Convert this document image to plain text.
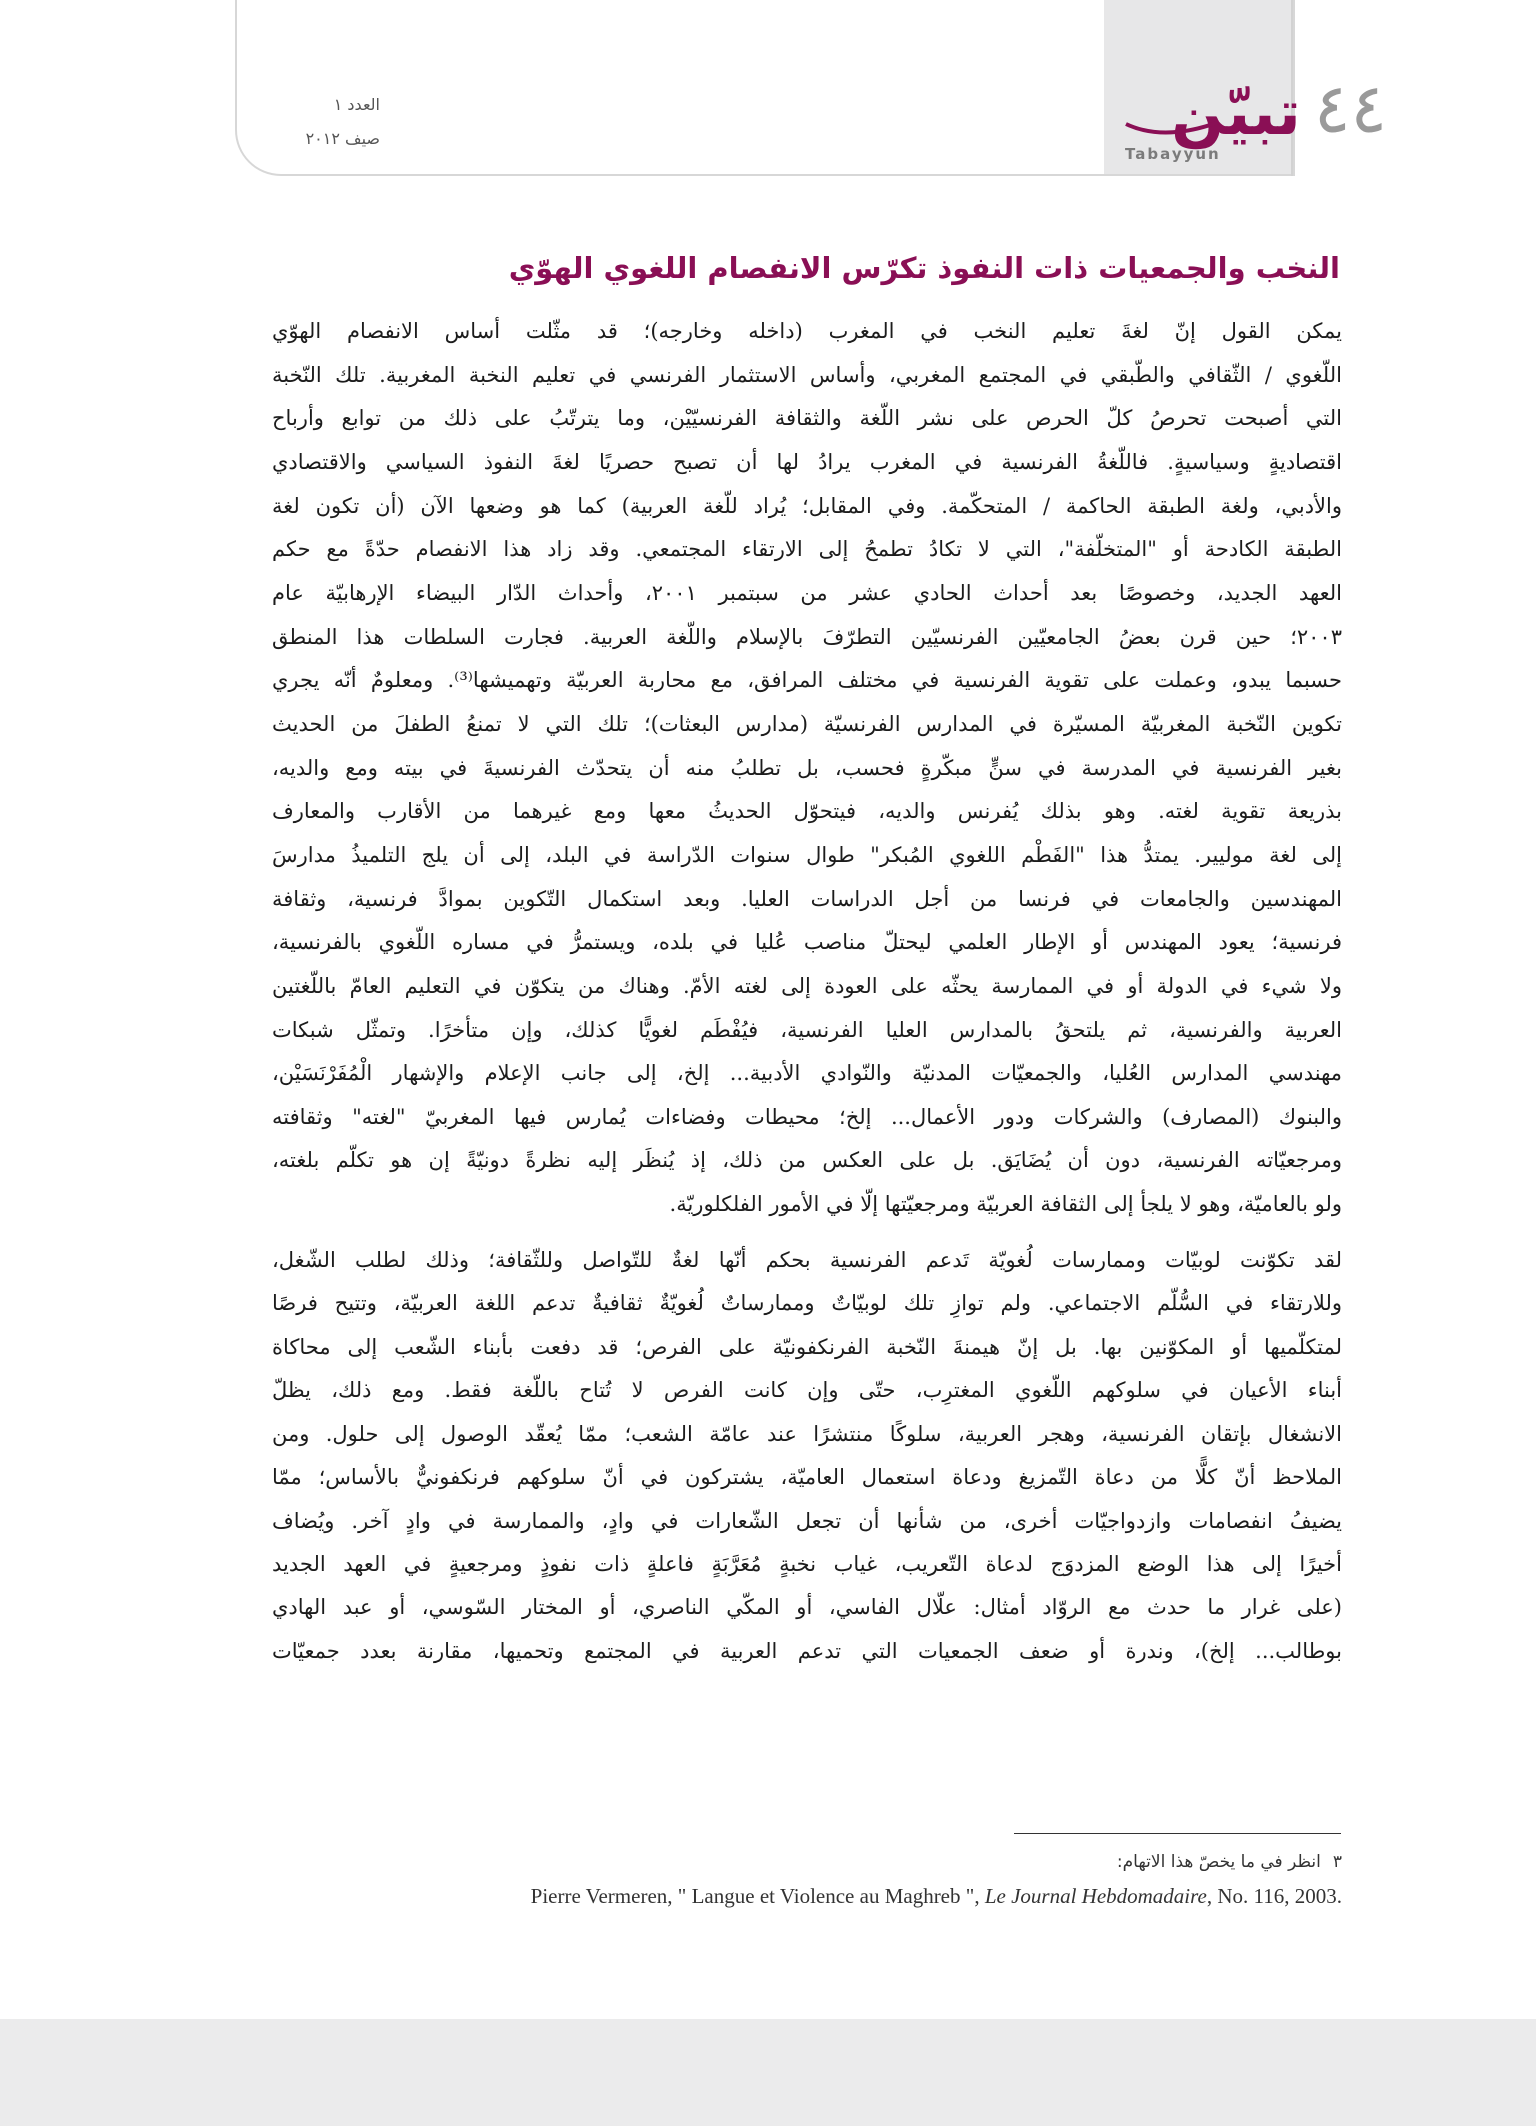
العدد ١
صيف ٢٠١٢	تبيّن
Tabayyun
٤٤
النخب والجمعيات ذات النفوذ تكرّس الانفصام اللغوي الهوّي
يمكن القول إنّ لغةَ تعليم النخب في المغرب (داخله وخارجه)؛ قد مثّلت أساس الانفصام الهوّي
اللّغوي / الثّقافي والطّبقي في المجتمع المغربي، وأساس الاستثمار الفرنسي في تعليم النخبة المغربية. تلك النّخبة
التي أصبحت تحرصُ كلّ الحرص على نشر اللّغة والثقافة الفرنسيّيْن، وما يترتّبُ على ذلك من توابع وأرباح
اقتصاديةٍ وسياسيةٍ. فاللّغةُ الفرنسية في المغرب يرادُ لها أن تصبح حصريًا لغةَ النفوذ السياسي والاقتصادي
والأدبي، ولغة الطبقة الحاكمة / المتحكّمة. وفي المقابل؛ يُراد للّغة العربية) كما هو وضعها الآن (أن تكون لغة
الطبقة الكادحة أو "المتخلّفة"، التي لا تكادُ تطمحُ إلى الارتقاء المجتمعي. وقد زاد هذا الانفصام حدّةً مع حكم
العهد الجديد، وخصوصًا بعد أحداث الحادي عشر من سبتمبر ٢٠٠١، وأحداث الدّار البيضاء الإرهابيّة عام
٢٠٠٣؛ حين قرن بعضُ الجامعيّين الفرنسيّين التطرّفَ بالإسلام واللّغة العربية. فجارت السلطات هذا المنطق
حسبما يبدو، وعملت على تقوية الفرنسية في مختلف المرافق، مع محاربة العربيّة وتهميشها⁽³⁾. ومعلومٌ أنّه يجري
تكوين النّخبة المغربيّة المسيّرة في المدارس الفرنسيّة (مدارس البعثات)؛ تلك التي لا تمنعُ الطفلَ من الحديث
بغير الفرنسية في المدرسة في سنٍّ مبكّرةٍ فحسب، بل تطلبُ منه أن يتحدّث الفرنسيةَ في بيته ومع والديه،
بذريعة تقوية لغته. وهو بذلك يُفرنس والديه، فيتحوّل الحديثُ معها ومع غيرهما من الأقارب والمعارف
إلى لغة موليير. يمتدُّ هذا "الفَطْم اللغوي المُبكر" طوال سنوات الدّراسة في البلد، إلى أن يلج التلميذُ مدارسَ
المهندسين والجامعات في فرنسا من أجل الدراسات العليا. وبعد استكمال التّكوين بموادَّ فرنسية، وثقافة
فرنسية؛ يعود المهندس أو الإطار العلمي ليحتلّ مناصب عُليا في بلده، ويستمرُّ في مساره اللّغوي بالفرنسية،
ولا شيء في الدولة أو في الممارسة يحثّه على العودة إلى لغته الأمّ. وهناك من يتكوّن في التعليم العامّ باللّغتين
العربية والفرنسية، ثم يلتحقُ بالمدارس العليا الفرنسية، فيُفْطَم لغويًّا كذلك، وإن متأخرًا. وتمثّل شبكات
مهندسي المدارس العُليا، والجمعيّات المدنيّة والنّوادي الأدبية... إلخ، إلى جانب الإعلام والإشهار الْمُفَرْنَسَيْن،
والبنوك (المصارف) والشركات ودور الأعمال... إلخ؛ محيطات وفضاءات يُمارس فيها المغربيّ "لغته" وثقافته
ومرجعيّاته الفرنسية، دون أن يُضَايَق. بل على العكس من ذلك، إذ يُنظَر إليه نظرةً دونيّةً إن هو تكلّم بلغته،
ولو بالعاميّة، وهو لا يلجأ إلى الثقافة العربيّة ومرجعيّتها إلّا في الأمور الفلكلوريّة.
لقد تكوّنت لوبيّات وممارسات لُغويّة تَدعم الفرنسية بحكم أنّها لغةٌ للتّواصل وللثّقافة؛ وذلك لطلب الشّغل،
وللارتقاء في السُّلّم الاجتماعي. ولم توازِ تلك لوبيّاتٌ وممارساتٌ لُغويّةٌ ثقافيةٌ تدعم اللغة العربيّة، وتتيح فرصًا
لمتكلّميها أو المكوّنين بها. بل إنّ هيمنةَ النّخبة الفرنكفونيّة على الفرص؛ قد دفعت بأبناء الشّعب إلى محاكاة
أبناء الأعيان في سلوكهم اللّغوي المغترِب، حتّى وإن كانت الفرص لا تُتاح باللّغة فقط. ومع ذلك، يظلّ
الانشغال بإتقان الفرنسية، وهجر العربية، سلوكًا منتشرًا عند عامّة الشعب؛ ممّا يُعقّد الوصول إلى حلول. ومن
الملاحظ أنّ كلًّا من دعاة التّمزيغ ودعاة استعمال العاميّة، يشتركون في أنّ سلوكهم فرنكفونيٌّ بالأساس؛ ممّا
يضيفُ انفصامات وازدواجيّات أخرى، من شأنها أن تجعل الشّعارات في وادٍ، والممارسة في وادٍ آخر. ويُضاف
أخيرًا إلى هذا الوضع المزدوَج لدعاة التّعريب، غياب نخبةٍ مُعَرَّبَةٍ فاعلةٍ ذات نفوذٍ ومرجعيةٍ في العهد الجديد
(على غرار ما حدث مع الروّاد أمثال: علّال الفاسي، أو المكّي الناصري، أو المختار السّوسي، أو عبد الهادي
بوطالب... إلخ)، وندرة أو ضعف الجمعيات التي تدعم العربية في المجتمع وتحميها، مقارنة بعدد جمعيّات
٣انظر في ما يخصّ هذا الاتهام:
Pierre Vermeren, " Langue et Violence au Maghreb ", Le Journal Hebdomadaire, No. 116, 2003.
